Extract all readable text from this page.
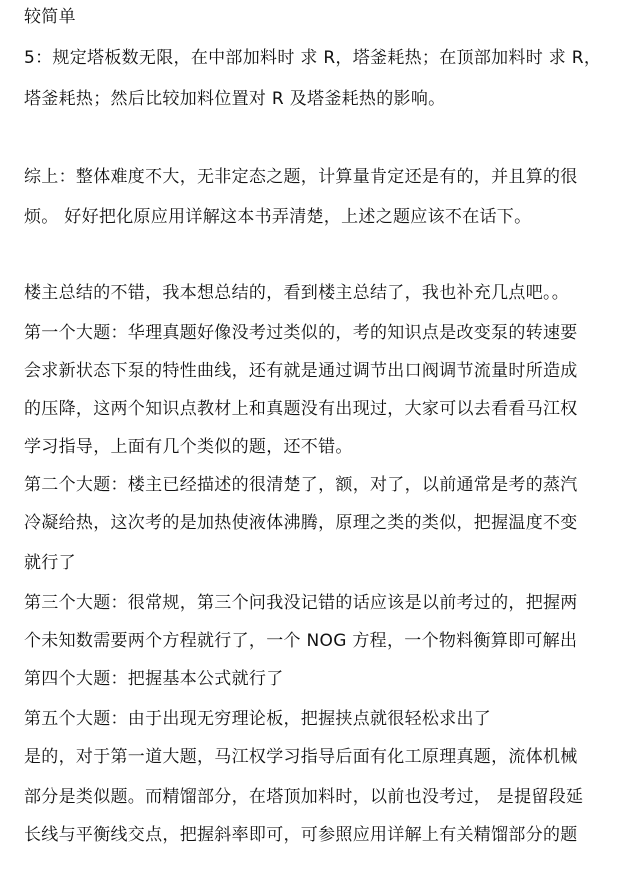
较简单
5：规定塔板数无限，在中部加料时 求 R，塔釜耗热；在顶部加料时 求 R，
塔釜耗热；然后比较加料位置对 R 及塔釜耗热的影响。
综上：整体难度不大，无非定态之题，计算量肯定还是有的，并且算的很
烦。 好好把化原应用详解这本书弄清楚，上述之题应该不在话下。
楼主总结的不错，我本想总结的，看到楼主总结了，我也补充几点吧。。
第一个大题：华理真题好像没考过类似的，考的知识点是改变泵的转速要
会求新状态下泵的特性曲线，还有就是通过调节出口阀调节流量时所造成
的压降，这两个知识点教材上和真题没有出现过，大家可以去看看马江权
学习指导，上面有几个类似的题，还不错。
第二个大题：楼主已经描述的很清楚了，额，对了，以前通常是考的蒸汽
冷凝给热，这次考的是加热使液体沸腾，原理之类的类似，把握温度不变
就行了
第三个大题：很常规，第三个问我没记错的话应该是以前考过的，把握两
个未知数需要两个方程就行了，一个 NOG 方程，一个物料衡算即可解出
第四个大题：把握基本公式就行了
第五个大题：由于出现无穷理论板，把握挟点就很轻松求出了
是的，对于第一道大题，马江权学习指导后面有化工原理真题，流体机械
部分是类似题。而精馏部分，在塔顶加料时，以前也没考过， 是提留段延
长线与平衡线交点，把握斜率即可，可参照应用详解上有关精馏部分的题
